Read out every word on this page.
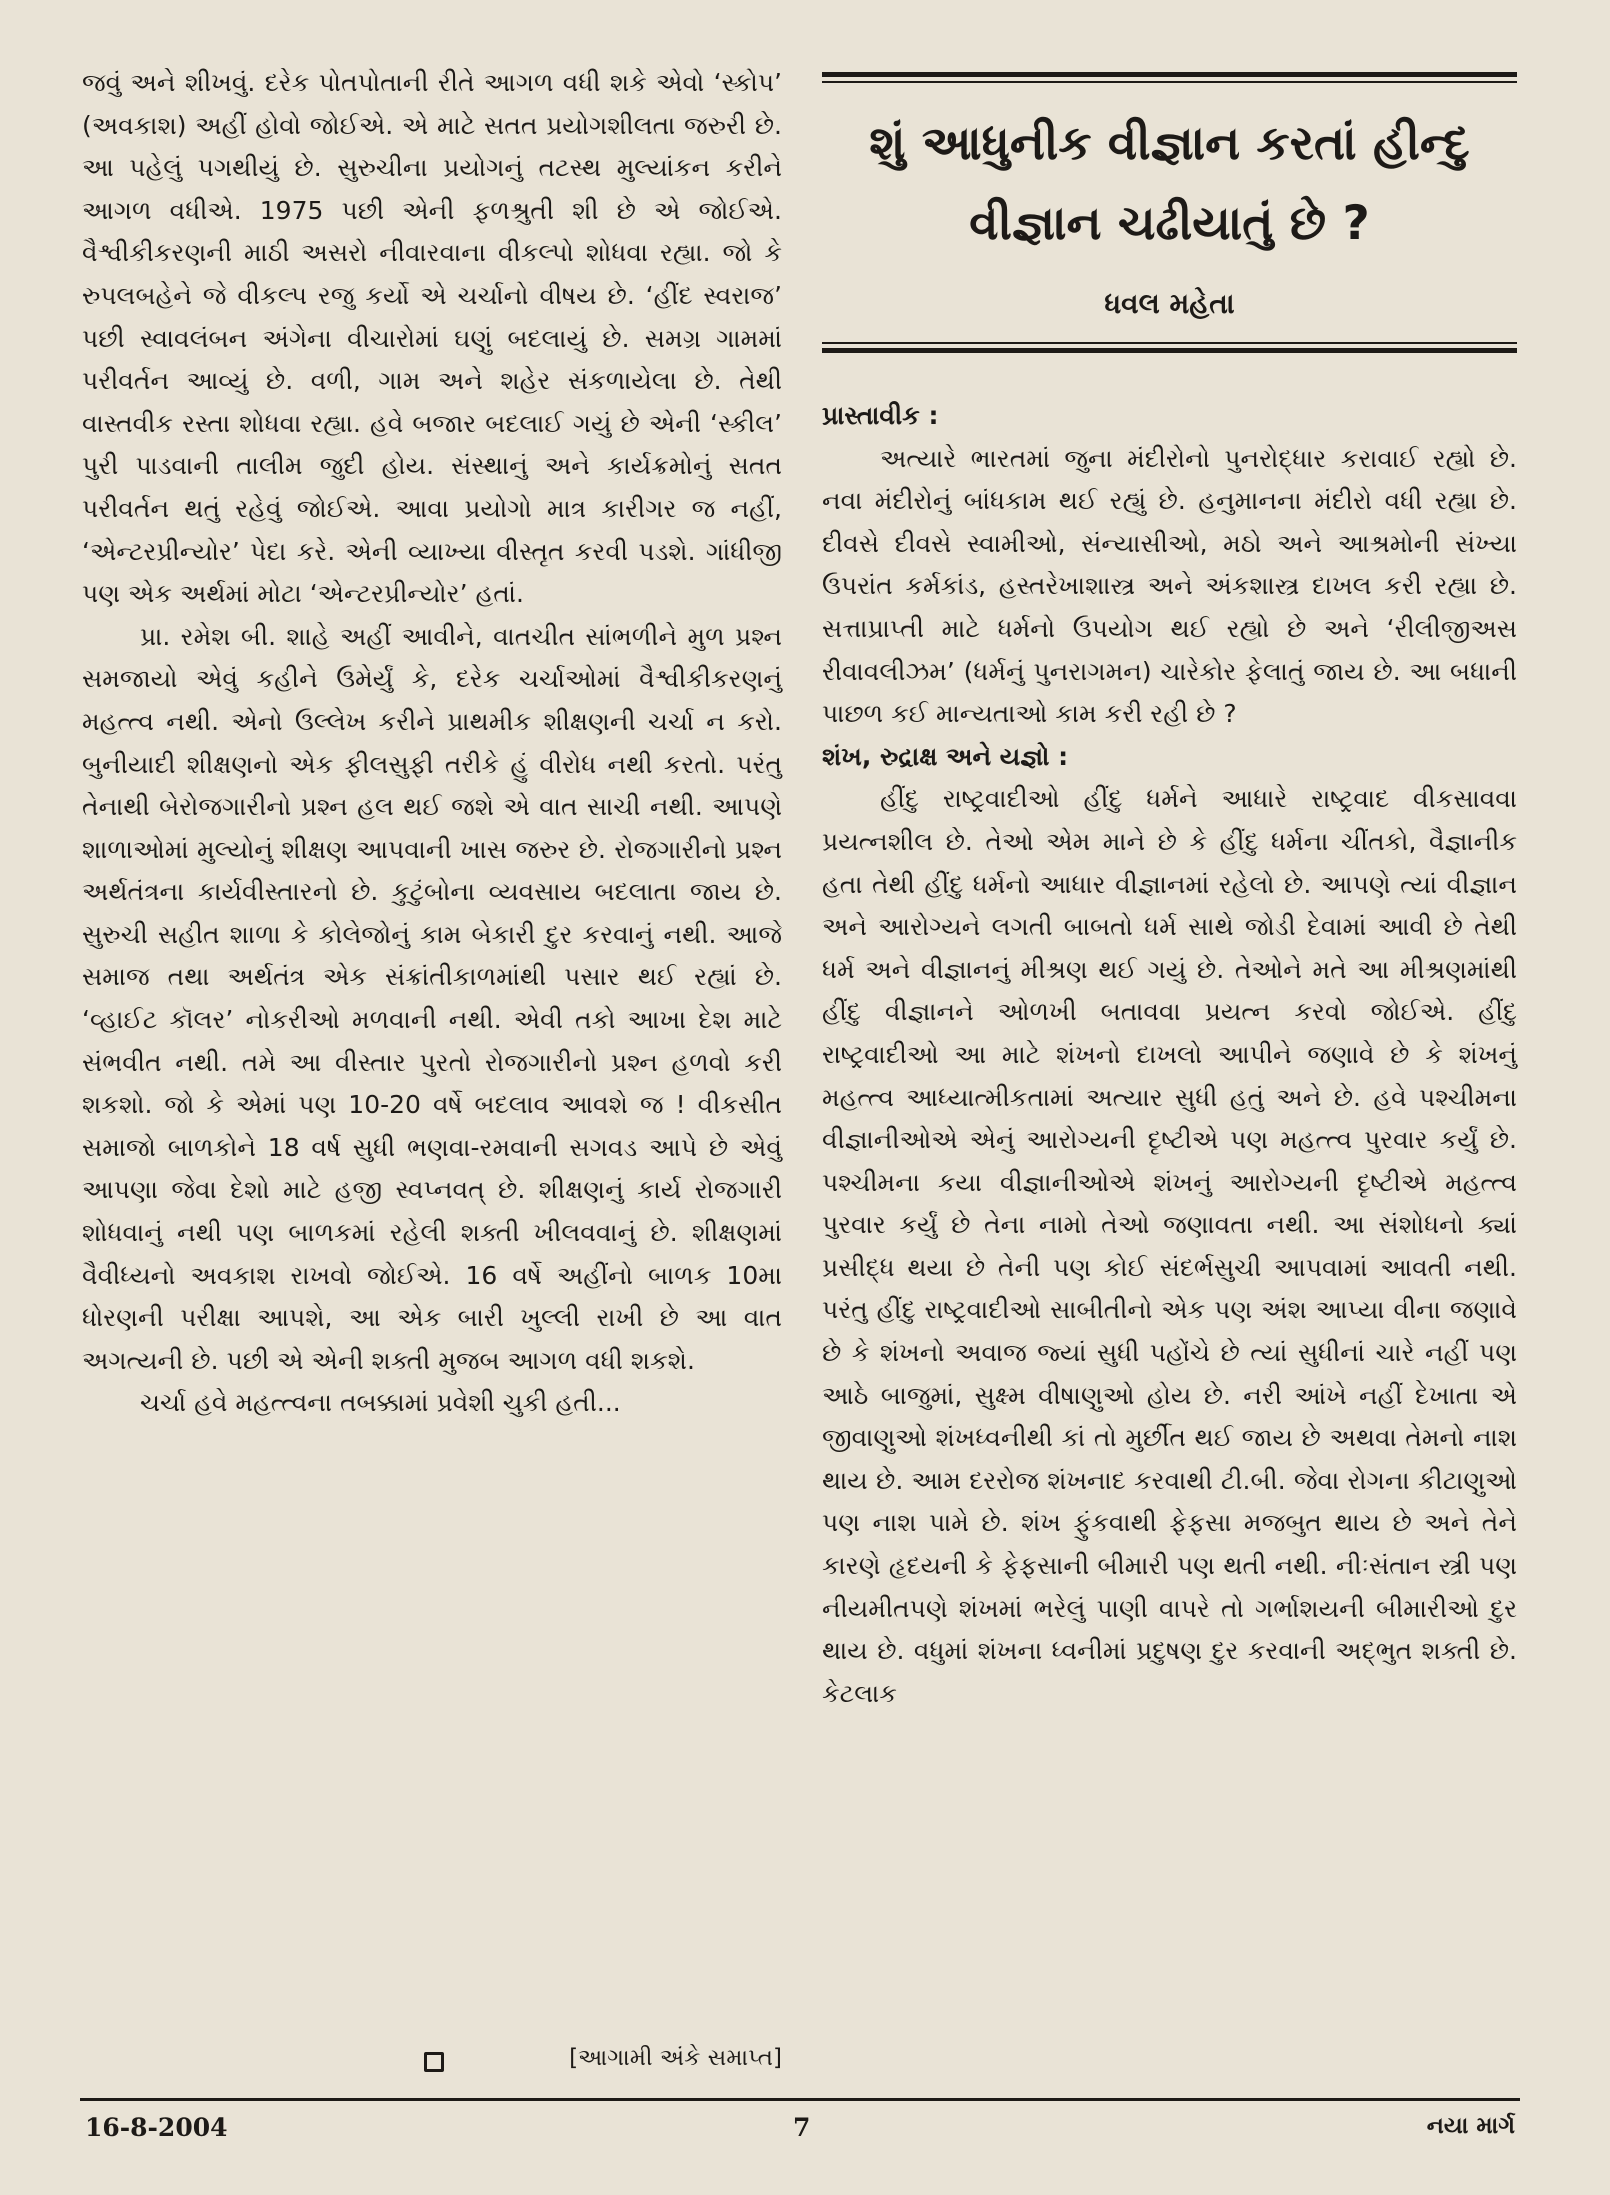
જવું અને શીખવું. દરેક પોતપોતાની રીતે આગળ વધી શકે એવો ‘સ્કોપ’ (અવકાશ) અહીં હોવો જોઈએ. એ માટે સતત પ્રયોગશીલતા જરુરી છે. આ પહેલું પગથીયું છે. સુરુચીના પ્રયોગનું તટસ્થ મુલ્યાંકન કરીને આગળ વધીએ. 1975 પછી એની ફળશ્રુતી શી છે એ જોઈએ. વૈશ્વીકીકરણની માઠી અસરો નીવારવાના વીકલ્પો શોધવા રહ્યા. જો કે રુપલબહેને જે વીકલ્પ રજુ કર્યો એ ચર્ચાનો વીષય છે. ‘હીંદ સ્વરાજ’ પછી સ્વાવલંબન અંગેના વીચારોમાં ઘણું બદલાયું છે. સમગ્ર ગામમાં પરીવર્તન આવ્યું છે. વળી, ગામ અને શહેર સંકળાયેલા છે. તેથી વાસ્તવીક રસ્તા શોધવા રહ્યા. હવે બજાર બદલાઈ ગયું છે એની ‘સ્કીલ’ પુરી પાડવાની તાલીમ જુદી હોય. સંસ્થાનું અને કાર્યક્રમોનું સતત પરીવર્તન થતું રહેવું જોઈએ. આવા પ્રયોગો માત્ર કારીગર જ નહીં, ‘એન્ટરપ્રીન્યોર’ પેદા કરે. એની વ્યાખ્યા વીસ્તૃત કરવી પડશે. ગાંધીજી પણ એક અર્થમાં મોટા ‘એન્ટરપ્રીન્યોર’ હતાં.

પ્રા. રમેશ બી. શાહે અહીં આવીને, વાતચીત સાંભળીને મુળ પ્રશ્ન સમજાયો એવું કહીને ઉમેર્યું કે, દરેક ચર્ચાઓમાં વૈશ્વીકીકરણનું મહત્ત્વ નથી. એનો ઉલ્લેખ કરીને પ્રાથમીક શીક્ષણની ચર્ચા ન કરો. બુનીયાદી શીક્ષણનો એક ફીલસુફી તરીકે હું વીરોધ નથી કરતો. પરંતુ તેનાથી બેરોજગારીનો પ્રશ્ન હલ થઈ જશે એ વાત સાચી નથી. આપણે શાળાઓમાં મુલ્યોનું શીક્ષણ આપવાની ખાસ જરુર છે. રોજગારીનો પ્રશ્ન અર્થતંત્રના કાર્યવીસ્તારનો છે. કુટુંબોના વ્યવસાય બદલાતા જાય છે. સુરુચી સહીત શાળા કે કોલેજોનું કામ બેકારી દુર કરવાનું નથી. આજે સમાજ તથા અર્થતંત્ર એક સંક્રાંતીકાળમાંથી પસાર થઈ રહ્યાં છે. ‘વ્હાઈટ કૉલર’ નોકરીઓ મળવાની નથી. એવી તકો આખા દેશ માટે સંભવીત નથી. તમે આ વીસ્તાર પુરતો રોજગારીનો પ્રશ્ન હળવો કરી શકશો. જો કે એમાં પણ 10-20 વર્ષે બદલાવ આવશે જ ! વીકસીત સમાજો બાળકોને 18 વર્ષ સુધી ભણવા-રમવાની સગવડ આપે છે એવું આપણા જેવા દેશો માટે હજી સ્વપ્નવત્ છે. શીક્ષણનું કાર્ય રોજગારી શોધવાનું નથી પણ બાળકમાં રહેલી શક્તી ખીલવવાનું છે. શીક્ષણમાં વૈવીધ્યનો અવકાશ રાખવો જોઈએ. 16 વર્ષે અહીંનો બાળક 10મા ધોરણની પરીક્ષા આપશે, આ એક બારી ખુલ્લી રાખી છે આ વાત અગત્યની છે. પછી એ એની શક્તી મુજબ આગળ વધી શકશે.

ચર્ચા હવે મહત્ત્વના તબક્કામાં પ્રવેશી ચુકી હતી...

[આગામી અંકે સમાપ્ત]
શું આધુનીક વીજ્ઞાન કરતાં હીન્દુ વીજ્ઞાન ચઢીયાતું છે ?
ધવલ મહેતા

પ્રાસ્તાવીક :

અત્યારે ભારતમાં જુના મંદીરોનો પુનરોદ્ધાર કરાવાઈ રહ્યો છે. નવા મંદીરોનું બાંધકામ થઈ રહ્યું છે. હનુમાનના મંદીરો વધી રહ્યા છે. દીવસે દીવસે સ્વામીઓ, સંન્યાસીઓ, મઠો અને આશ્રમોની સંખ્યા ઉપરાંત કર્મકાંડ, હસ્તરેખાશાસ્ત્ર અને અંકશાસ્ત્ર દાખલ કરી રહ્યા છે. સત્તાપ્રાપ્તી માટે ધર્મનો ઉપયોગ થઈ રહ્યો છે અને ‘રીલીજીઅસ રીવાવલીઝમ’ (ધર્મનું પુનરાગમન) ચારેકોર ફેલાતું જાય છે. આ બધાની પાછળ કઈ માન્યતાઓ કામ કરી રહી છે ?

શંખ, રુદ્રાક્ષ અને યજ્ઞો :

હીંદુ રાષ્ટ્રવાદીઓ હીંદુ ધર્મને આધારે રાષ્ટ્રવાદ વીકસાવવા પ્રયત્નશીલ છે. તેઓ એમ માને છે કે હીંદુ ધર્મના ચીંતકો, વૈજ્ઞાનીક હતા તેથી હીંદુ ધર્મનો આધાર વીજ્ઞાનમાં રહેલો છે. આપણે ત્યાં વીજ્ઞાન અને આરોગ્યને લગતી બાબતો ધર્મ સાથે જોડી દેવામાં આવી છે તેથી ધર્મ અને વીજ્ઞાનનું મીશ્રણ થઈ ગયું છે. તેઓને મતે આ મીશ્રણમાંથી હીંદુ વીજ્ઞાનને ઓળખી બતાવવા પ્રયત્ન કરવો જોઈએ. હીંદુ રાષ્ટ્રવાદીઓ આ માટે શંખનો દાખલો આપીને જણાવે છે કે શંખનું મહત્ત્વ આધ્યાત્મીકતામાં અત્યાર સુધી હતું અને છે. હવે પશ્ચીમના વીજ્ઞાનીઓએ એનું આરોગ્યની દૃષ્ટીએ પણ મહત્ત્વ પુરવાર કર્યું છે. પશ્ચીમના કયા વીજ્ઞાનીઓએ શંખનું આરોગ્યની દૃષ્ટીએ મહત્ત્વ પુરવાર કર્યું છે તેના નામો તેઓ જણાવતા નથી. આ સંશોધનો ક્યાં પ્રસીદ્ધ થયા છે તેની પણ કોઈ સંદર્ભસુચી આપવામાં આવતી નથી. પરંતુ હીંદુ રાષ્ટ્રવાદીઓ સાબીતીનો એક પણ અંશ આપ્યા વીના જણાવે છે કે શંખનો અવાજ જ્યાં સુધી પહોંચે છે ત્યાં સુધીનાં ચારે નહીં પણ આઠે બાજુમાં, સુક્ષ્મ વીષાણુઓ હોય છે. નરી આંખે નહીં દેખાતા એ જીવાણુઓ શંખધ્વનીથી કાં તો મુર્છીત થઈ જાય છે અથવા તેમનો નાશ થાય છે. આમ દરરોજ શંખનાદ કરવાથી ટી.બી. જેવા રોગના કીટાણુઓ પણ નાશ પામે છે. શંખ ફુંકવાથી ફેફસા મજબુત થાય છે અને તેને કારણે હૃદયની કે ફેફસાની બીમારી પણ થતી નથી. નીઃસંતાન સ્ત્રી પણ નીયમીતપણે શંખમાં ભરેલું પાણી વાપરે તો ગર્ભાશયની બીમારીઓ દુર થાય છે. વધુમાં શંખના ધ્વનીમાં પ્રદુષણ દુર કરવાની અદ્ભુત શક્તી છે. કેટલાક

16-8-2004	7	નયા માર્ગ
